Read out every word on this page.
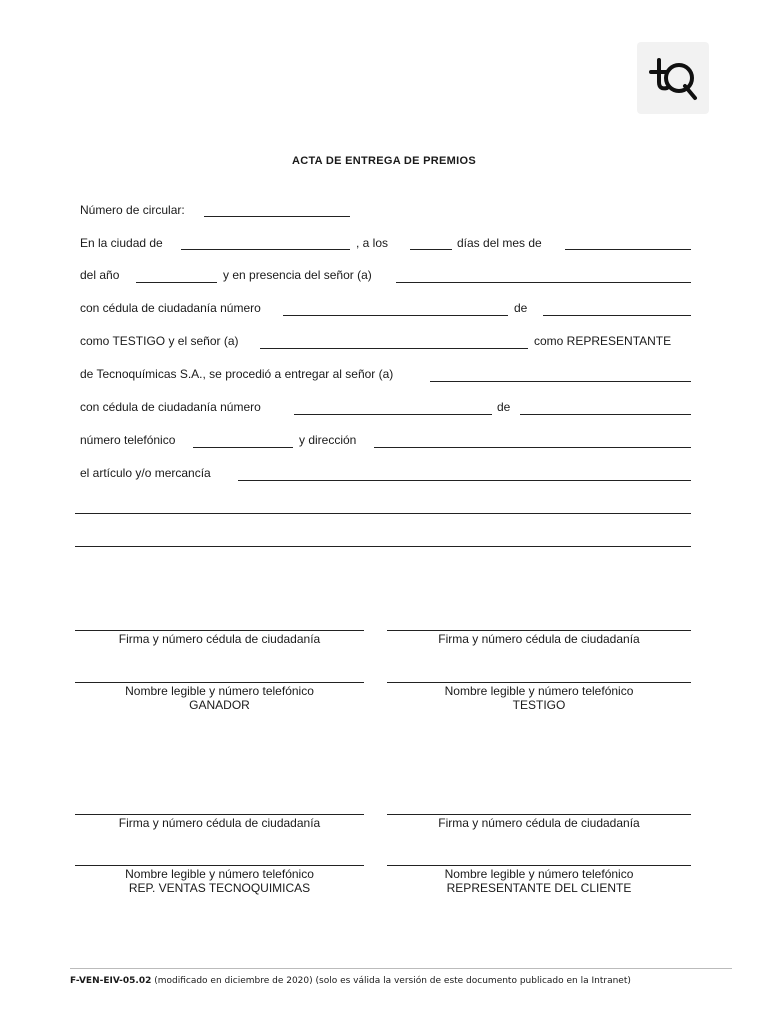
ACTA DE ENTREGA DE PREMIOS
Número de circular:
En la ciudad de	, a los	días del mes de
del año	y en presencia del señor (a)
con cédula de ciudadanía número	de
como TESTIGO y el señor (a)	como REPRESENTANTE
de Tecnoquímicas S.A., se procedió a entregar al señor (a)
con cédula de ciudadanía número	de
número telefónico	y dirección
el artículo y/o mercancía
Firma y número cédula de ciudadanía
Nombre legible y número telefónico
GANADOR
Firma y número cédula de ciudadanía
Nombre legible y número telefónico
TESTIGO
Firma y número cédula de ciudadanía
Nombre legible y número telefónico
REP. VENTAS TECNOQUIMICAS
Firma y número cédula de ciudadanía
Nombre legible y número telefónico
REPRESENTANTE DEL CLIENTE
F-VEN-EIV-05.02 (modificado en diciembre de 2020) (solo es válida la versión de este documento publicado en la Intranet)
